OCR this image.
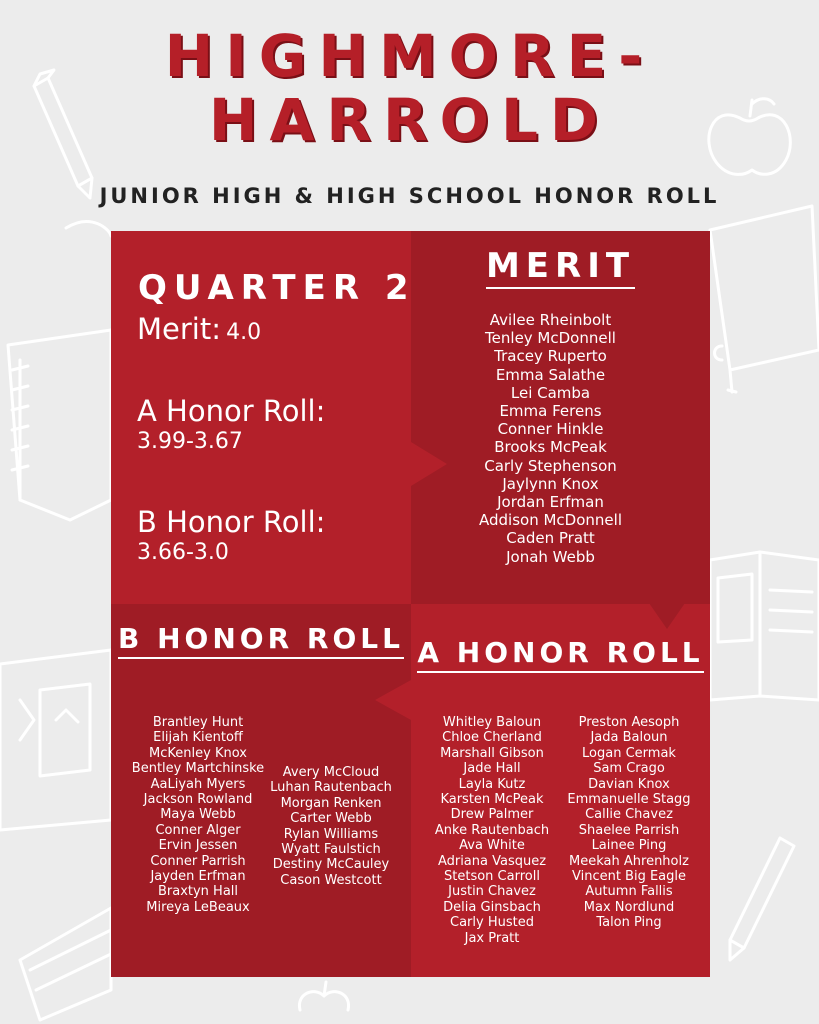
HIGHMORE-
HARROLD
JUNIOR HIGH & HIGH SCHOOL HONOR ROLL
QUARTER 2
Merit: 4.0
A Honor Roll:
3.99-3.67
B Honor Roll:
3.66-3.0
MERIT
Avilee Rheinbolt
Tenley McDonnell
Tracey Ruperto
Emma Salathe
Lei Camba
Emma Ferens
Conner Hinkle
Brooks McPeak
Carly Stephenson
Jaylynn Knox
Jordan Erfman
Addison McDonnell
Caden Pratt
Jonah Webb
B HONOR ROLL
Brantley Hunt
Elijah Kientoff
McKenley Knox
Bentley Martchinske
AaLiyah Myers
Jackson Rowland
Maya Webb
Conner Alger
Ervin Jessen
Conner Parrish
Jayden Erfman
Braxtyn Hall
Mireya LeBeaux
Avery McCloud
Luhan Rautenbach
Morgan Renken
Carter Webb
Rylan Williams
Wyatt Faulstich
Destiny McCauley
Cason Westcott
A HONOR ROLL
Whitley Baloun
Chloe Cherland
Marshall Gibson
Jade Hall
Layla Kutz
Karsten McPeak
Drew Palmer
Anke Rautenbach
Ava White
Adriana Vasquez
Stetson Carroll
Justin Chavez
Delia Ginsbach
Carly Husted
Jax Pratt
Preston Aesoph
Jada Baloun
Logan Cermak
Sam Crago
Davian Knox
Emmanuelle Stagg
Callie Chavez
Shaelee Parrish
Lainee Ping
Meekah Ahrenholz
Vincent Big Eagle
Autumn Fallis
Max Nordlund
Talon Ping
